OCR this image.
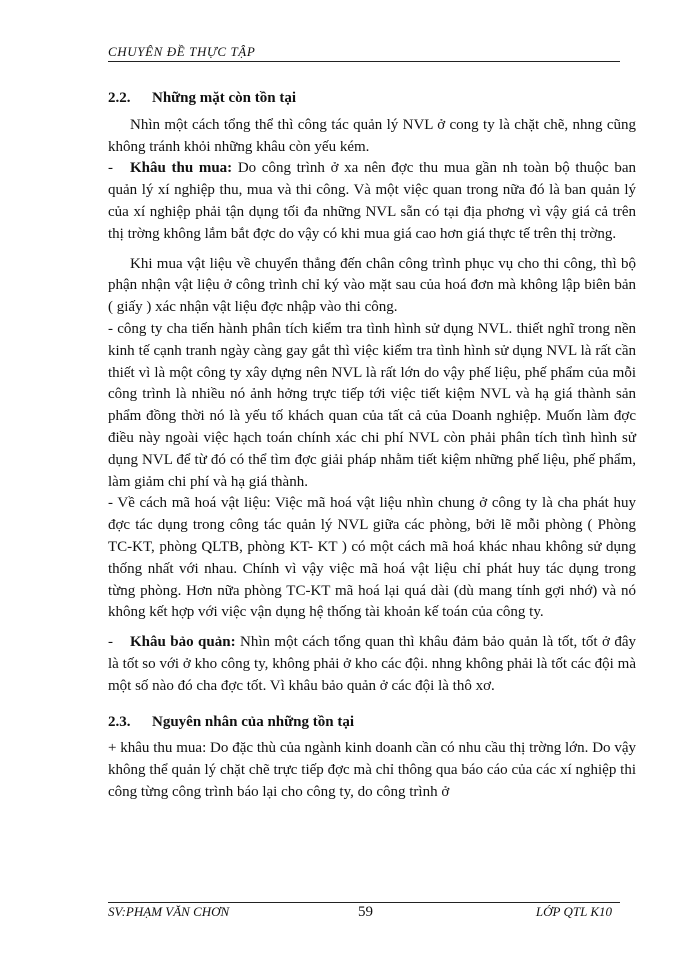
CHUYÊN ĐỀ THỰC TẬP
2.2. Những mặt còn tồn tại

Nhìn một cách tổng thể thì công tác quản lý NVL ở cong ty là chặt chẽ, nhng cũng không tránh khỏi những khâu còn yếu kém.

- Khâu thu mua: Do công trình ở xa nên đợc thu mua gần nh toàn bộ thuộc ban quản lý xí nghiệp thu, mua và thi công. Và một việc quan trong nữa đó là ban quản lý của xí nghiệp phải tận dụng tối đa những NVL sẵn có tại địa phơng vì vậy giá cả trên thị trờng không lắm bắt đợc do vậy có khi mua giá cao hơn giá thực tế trên thị trờng.

Khi mua vật liệu về chuyển thẳng đến chân công trình phục vụ cho thi công, thì bộ phận nhận vật liệu ở công trình chỉ ký vào mặt sau của hoá đơn mà không lập biên bản ( giấy ) xác nhận vật liệu đợc nhập vào thi công.

- công ty cha tiến hành phân tích kiểm tra tình hình sử dụng NVL. thiết nghĩ trong nền kinh tế cạnh tranh ngày càng gay gắt thì việc kiểm tra tình hình sử dụng NVL là rất cần thiết vì là một công ty xây dựng nên NVL là rất lớn do vậy phế liệu, phế phẩm của mỗi công trình là nhiều nó ảnh hởng trực tiếp tới việc tiết kiệm NVL và hạ giá thành sản phẩm đồng thời nó là yếu tố khách quan của tất cả của Doanh nghiệp. Muốn làm đợc điều này ngoài việc hạch toán chính xác chi phí NVL còn phải phân tích tình hình sử dụng NVL để từ đó có thể tìm đợc giải pháp nhằm tiết kiệm những phế liệu, phế phẩm, làm giảm chi phí và hạ giá thành.

- Về cách mã hoá vật liệu: Việc mã hoá vật liệu nhìn chung ở công ty là cha phát huy đợc tác dụng trong công tác quản lý NVL giữa các phòng, bởi lẽ mỗi phòng ( Phòng TC-KT, phòng QLTB, phòng KT- KT ) có một cách mã hoá khác nhau không sử dụng thống nhất với nhau. Chính vì vậy việc mã hoá vật liệu chỉ phát huy tác dụng trong từng phòng. Hơn nữa phòng TC-KT mã hoá lại quá dài (dù mang tính gợi nhớ) và nó không kết hợp với việc vận dụng hệ thống tài khoản kế toán của công ty.

- Khâu bảo quản: Nhìn một cách tổng quan thì khâu đảm bảo quản là tốt, tốt ở đây là tốt so với ở kho công ty, không phải ở kho các đội. nhng không phải là tốt các đội mà một số nào đó cha đợc tốt. Vì khâu bảo quản ở các đội là thô xơ.

2.3. Nguyên nhân của những tồn tại

+ khâu thu mua: Do đặc thù của ngành kinh doanh cần có nhu cầu thị trờng lớn. Do vậy không thể quản lý chặt chẽ trực tiếp đợc mà chỉ thông qua báo cáo của các xí nghiệp thi công từng công trình báo lại cho công ty, do công trình ở

SV:PHẠM VĂN CHƠN	59	LỚP QTL K10
